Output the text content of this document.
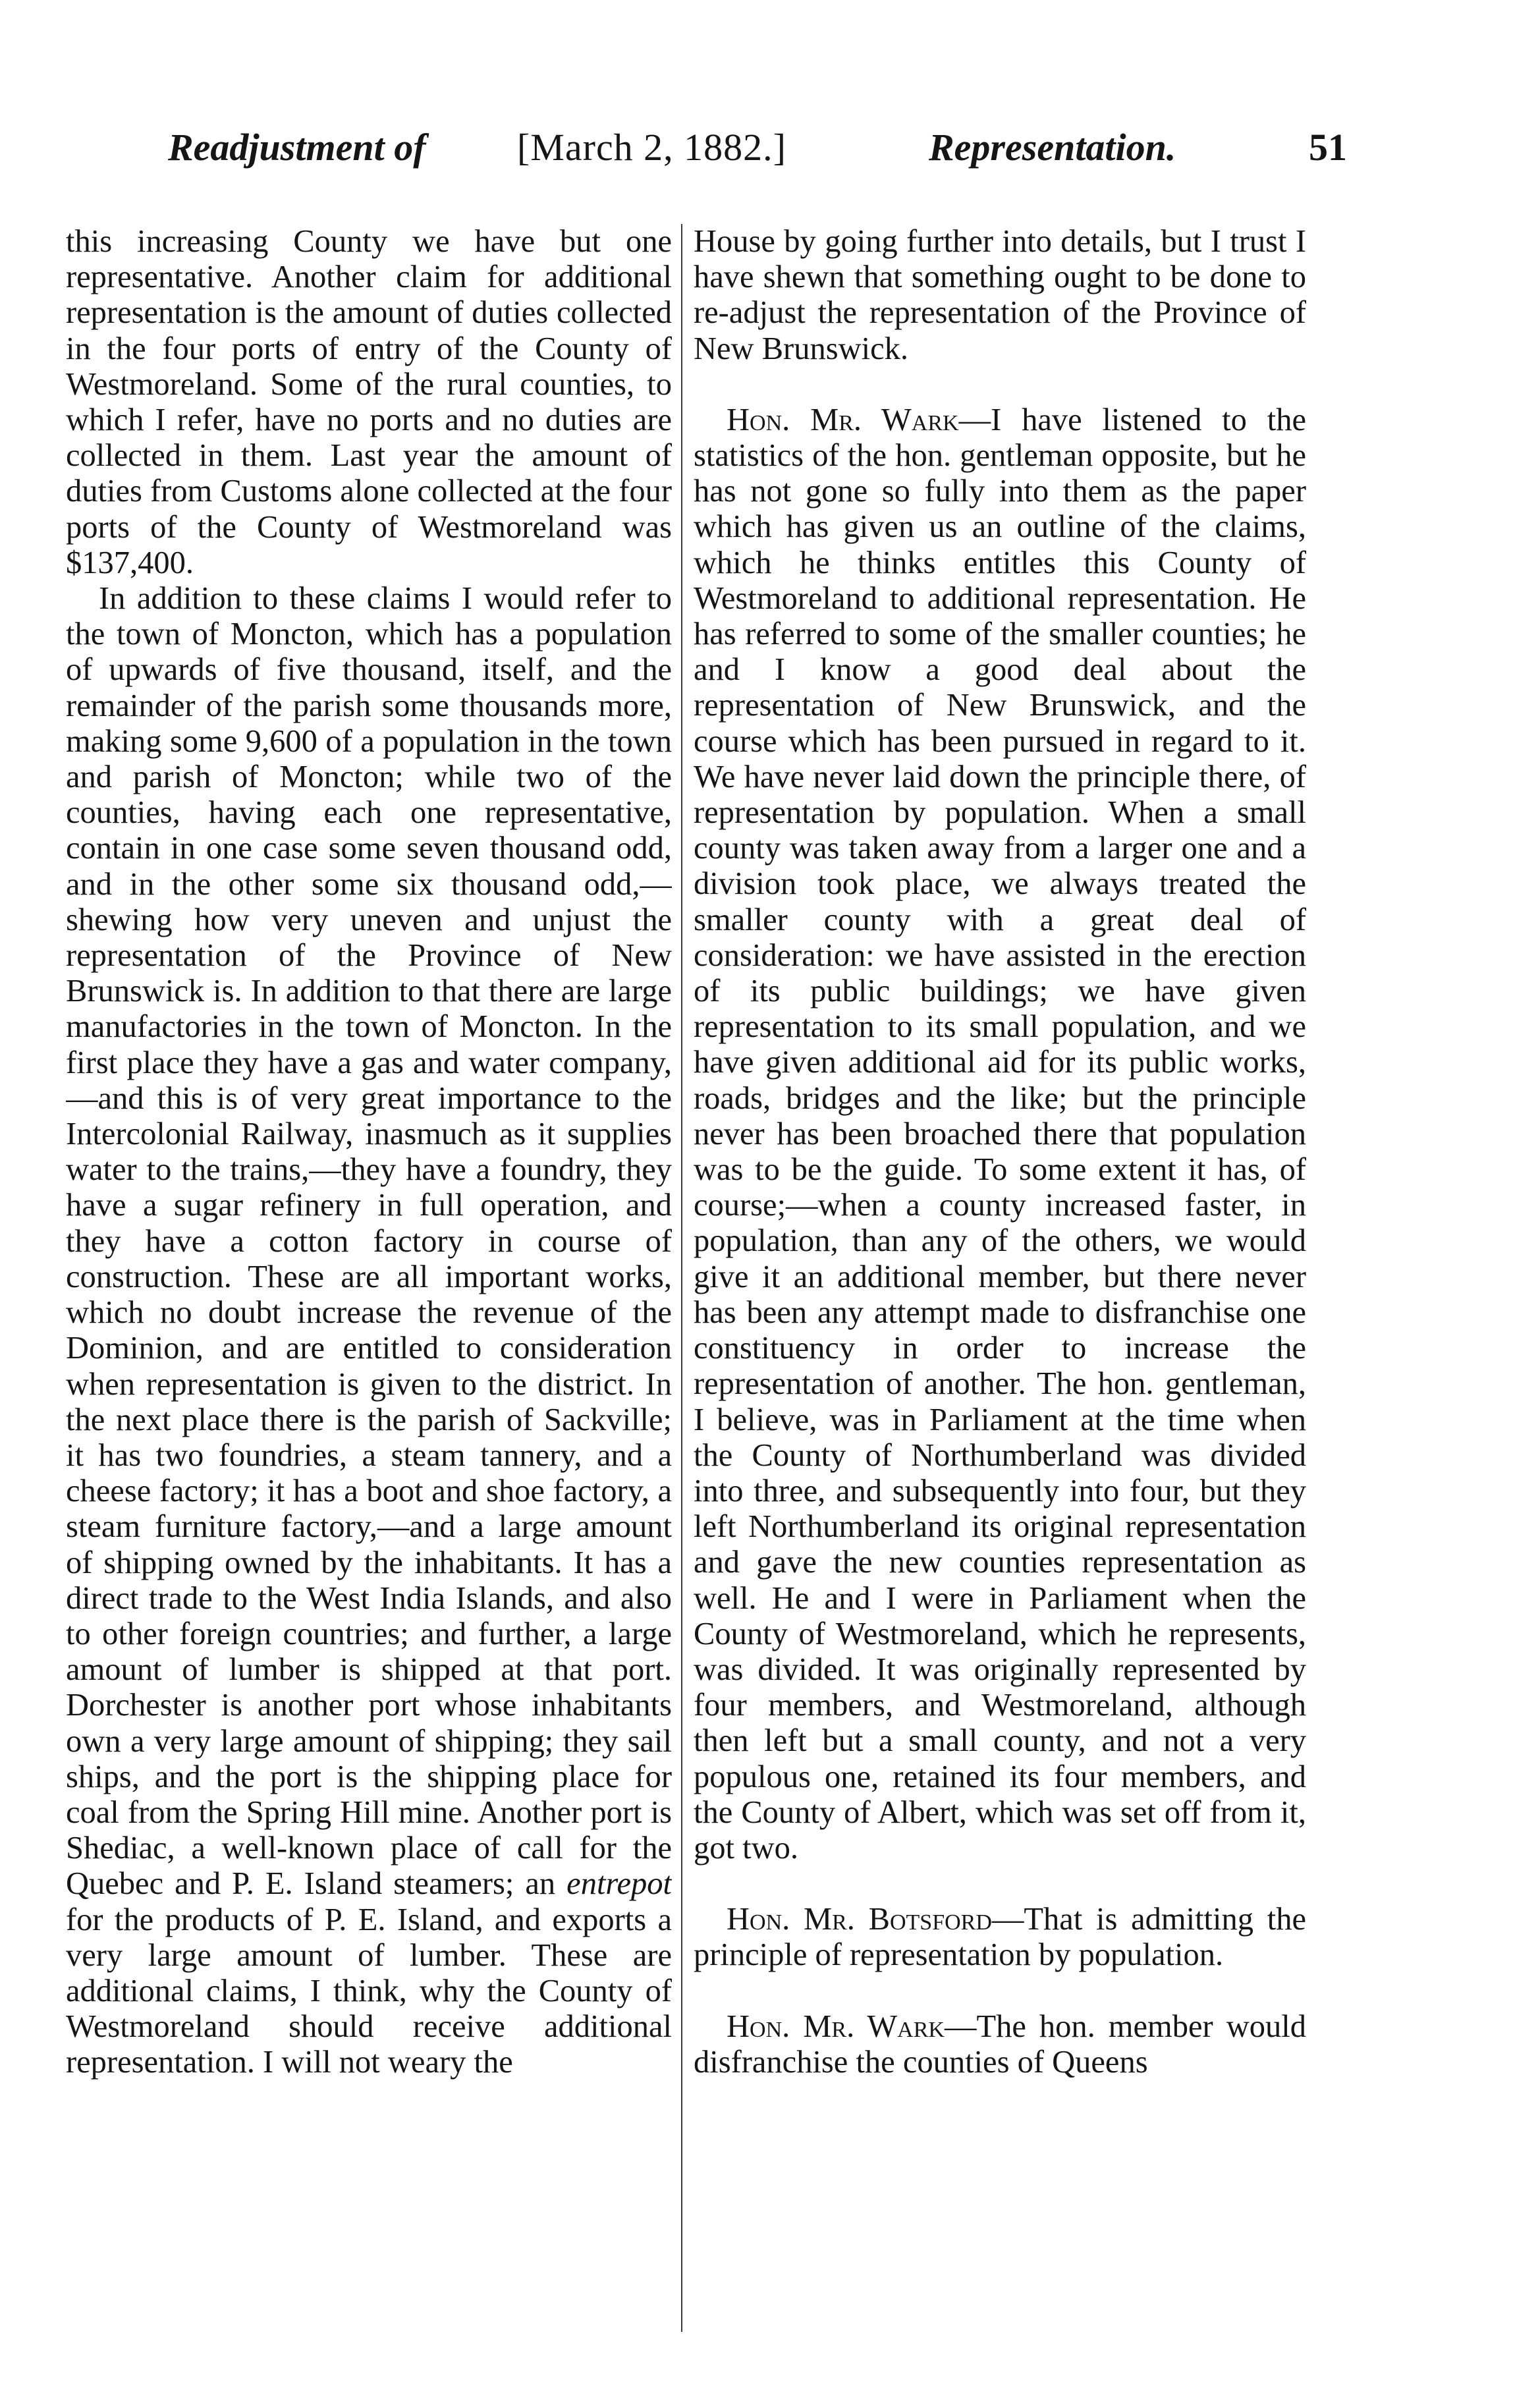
Readjustment of [March 2, 1882.]	Representation.	51

this increasing County we have but one representative. Another claim for additional representation is the amount of duties collected in the four ports of entry of the County of Westmoreland. Some of the rural counties, to which I refer, have no ports and no duties are collected in them. Last year the amount of duties from Customs alone collected at the four ports of the County of Westmoreland was $137,400.

In addition to these claims I would refer to the town of Moncton, which has a population of upwards of five thousand, itself, and the remainder of the parish some thousands more, making some 9,600 of a population in the town and parish of Moncton; while two of the counties, having each one representative, contain in one case some seven thousand odd, and in the other some six thousand odd,— shewing how very uneven and unjust the representation of the Province of New Brunswick is. In addition to that there are large manufactories in the town of Moncton. In the first place they have a gas and water company,—and this is of very great importance to the Intercolonial Railway, inasmuch as it supplies water to the trains,—they have a foundry, they have a sugar refinery in full operation, and they have a cotton factory in course of construction. These are all important works, which no doubt increase the revenue of the Dominion, and are entitled to consideration when representation is given to the district. In the next place there is the parish of Sackville; it has two foundries, a steam tannery, and a cheese factory; it has a boot and shoe factory, a steam furniture factory,—and a large amount of shipping owned by the inhabitants. It has a direct trade to the West India Islands, and also to other foreign countries; and further, a large amount of lumber is shipped at that port. Dorchester is another port whose inhabitants own a very large amount of shipping; they sail ships, and the port is the shipping place for coal from the Spring Hill mine. Another port is Shediac, a well-known place of call for the Quebec and P. E. Island steamers; an entrepot for the products of P. E. Island, and exports a very large amount of lumber. These are additional claims, I think, why the County of Westmoreland should receive additional representation. I will not weary the

House by going further into details, but I trust I have shewn that something ought to be done to re-adjust the representation of the Province of New Brunswick.

Hon. Mr. Wark—I have listened to the statistics of the hon. gentleman opposite, but he has not gone so fully into them as the paper which has given us an outline of the claims, which he thinks entitles this County of Westmoreland to additional representation. He has referred to some of the smaller counties; he and I know a good deal about the representation of New Brunswick, and the course which has been pursued in regard to it. We have never laid down the principle there, of representation by population. When a small county was taken away from a larger one and a division took place, we always treated the smaller county with a great deal of consideration: we have assisted in the erection of its public buildings; we have given representation to its small population, and we have given additional aid for its public works, roads, bridges and the like; but the principle never has been broached there that population was to be the guide. To some extent it has, of course;—when a county increased faster, in population, than any of the others, we would give it an additional member, but there never has been any attempt made to disfranchise one constituency in order to increase the representation of another. The hon. gentleman, I believe, was in Parliament at the time when the County of Northumberland was divided into three, and subsequently into four, but they left Northumberland its original representation and gave the new counties representation as well. He and I were in Parliament when the County of Westmoreland, which he represents, was divided. It was originally represented by four members, and Westmoreland, although then left but a small county, and not a very populous one, retained its four members, and the County of Albert, which was set off from it, got two.

Hon. Mr. Botsford—That is admitting the principle of representation by population.

Hon. Mr. Wark—The hon. member would disfranchise the counties of Queens
